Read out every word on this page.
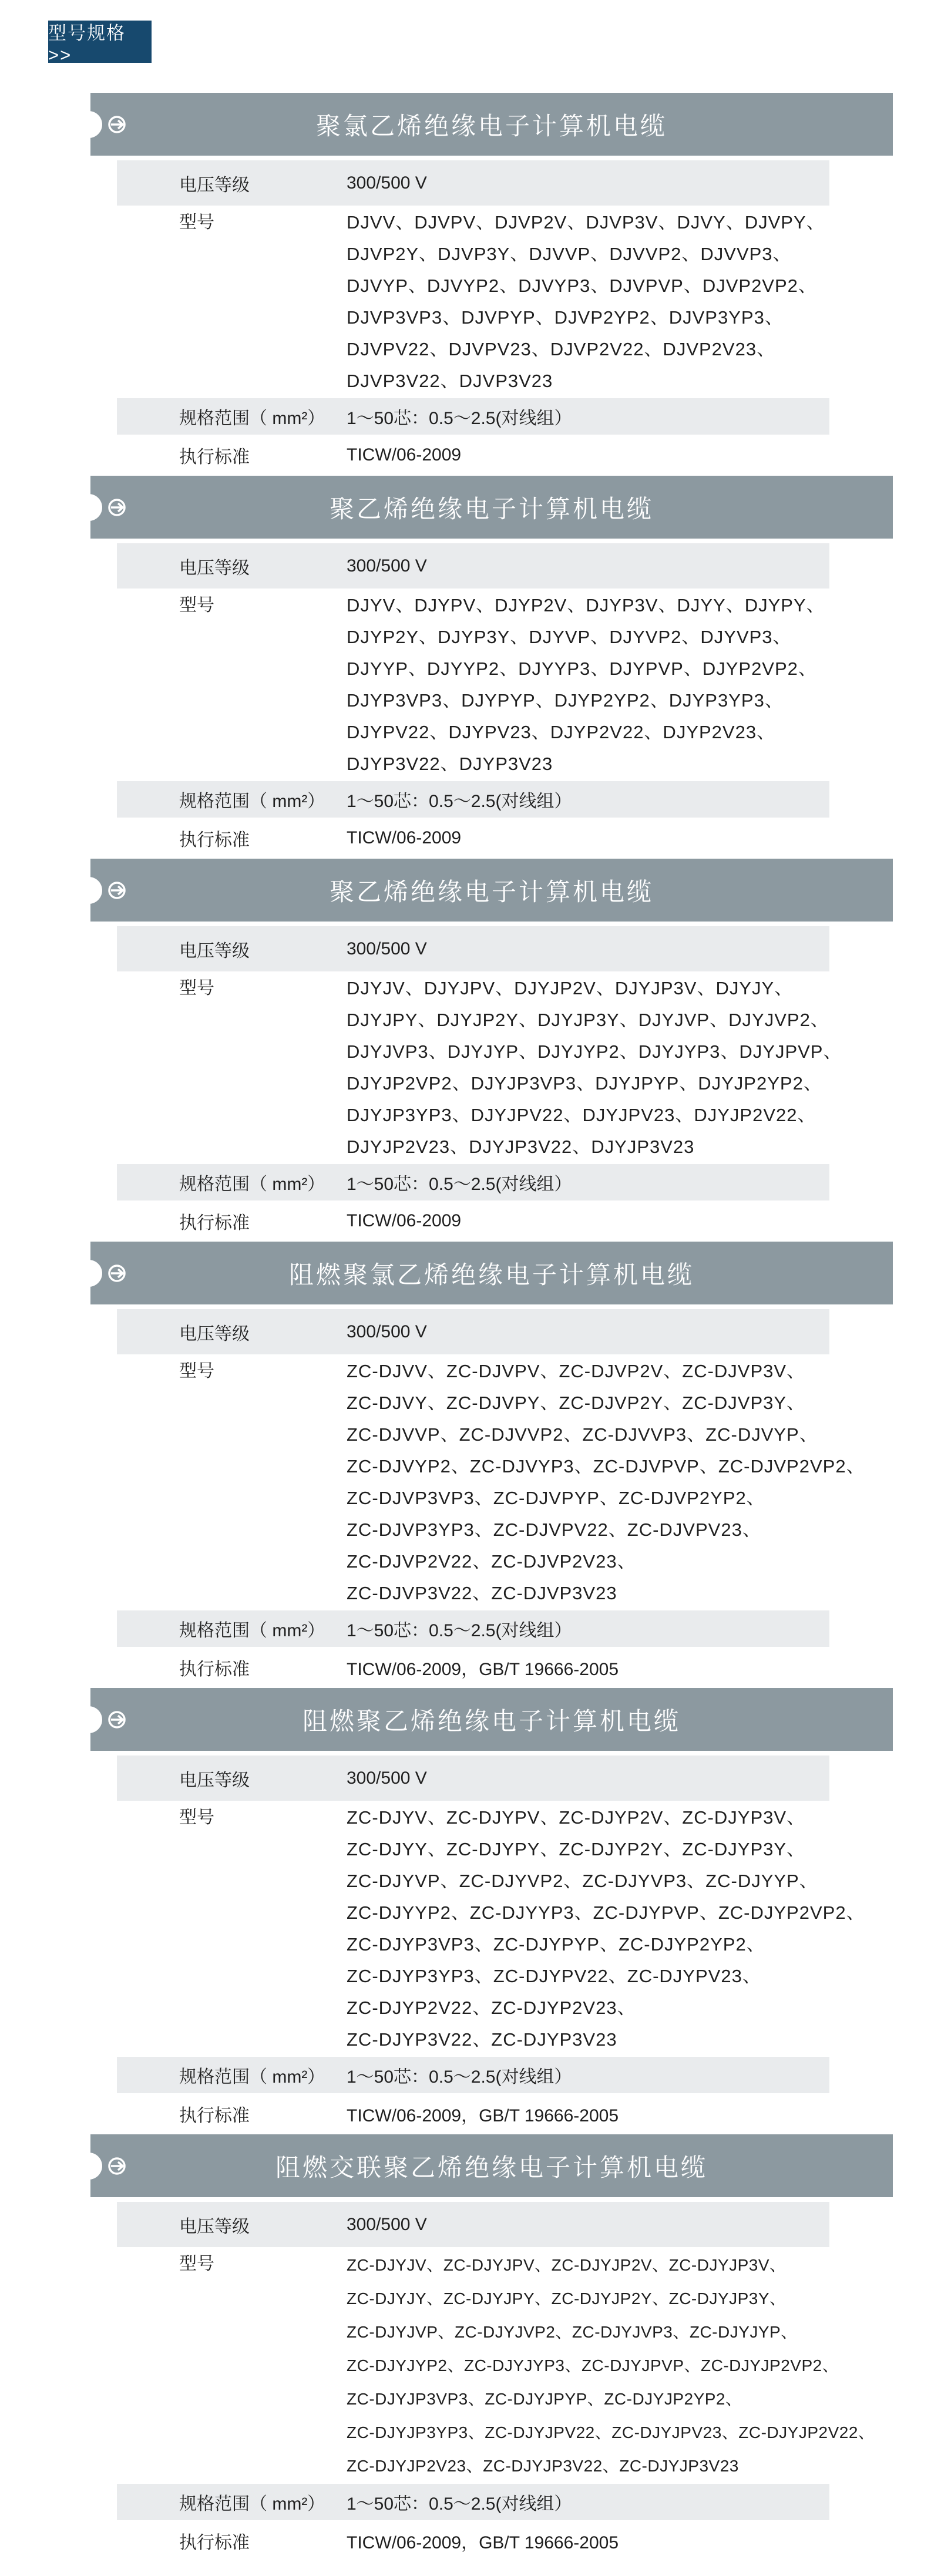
型号规格 >>
聚氯乙烯绝缘电子计算机电缆
电压等级	300/500 V
型号	DJVV、DJVPV、DJVP2V、DJVP3V、DJVY、DJVPY、
DJVP2Y、DJVP3Y、DJVVP、DJVVP2、DJVVP3、
DJVYP、DJVYP2、DJVYP3、DJVPVP、DJVP2VP2、
DJVP3VP3、DJVPYP、DJVP2YP2、DJVP3YP3、
DJVPV22、DJVPV23、DJVP2V22、DJVP2V23、
DJVP3V22、DJVP3V23
规格范围（ mm²）	1～50芯：0.5～2.5(对线组）
执行标准	TICW/06-2009
聚乙烯绝缘电子计算机电缆
电压等级	300/500 V
型号	DJYV、DJYPV、DJYP2V、DJYP3V、DJYY、DJYPY、
DJYP2Y、DJYP3Y、DJYVP、DJYVP2、DJYVP3、
DJYYP、DJYYP2、DJYYP3、DJYPVP、DJYP2VP2、
DJYP3VP3、DJYPYP、DJYP2YP2、DJYP3YP3、
DJYPV22、DJYPV23、DJYP2V22、DJYP2V23、
DJYP3V22、DJYP3V23
规格范围（ mm²）	1～50芯：0.5～2.5(对线组）
执行标准	TICW/06-2009
聚乙烯绝缘电子计算机电缆
电压等级	300/500 V
型号	DJYJV、DJYJPV、DJYJP2V、DJYJP3V、DJYJY、
DJYJPY、DJYJP2Y、DJYJP3Y、DJYJVP、DJYJVP2、
DJYJVP3、DJYJYP、DJYJYP2、DJYJYP3、DJYJPVP、
DJYJP2VP2、DJYJP3VP3、DJYJPYP、DJYJP2YP2、
DJYJP3YP3、DJYJPV22、DJYJPV23、DJYJP2V22、
DJYJP2V23、DJYJP3V22、DJYJP3V23
规格范围（ mm²）	1～50芯：0.5～2.5(对线组）
执行标准	TICW/06-2009
阻燃聚氯乙烯绝缘电子计算机电缆
电压等级	300/500 V
型号	ZC-DJVV、ZC-DJVPV、ZC-DJVP2V、ZC-DJVP3V、
ZC-DJVY、ZC-DJVPY、ZC-DJVP2Y、ZC-DJVP3Y、
ZC-DJVVP、ZC-DJVVP2、ZC-DJVVP3、ZC-DJVYP、
ZC-DJVYP2、ZC-DJVYP3、ZC-DJVPVP、ZC-DJVP2VP2、
ZC-DJVP3VP3、ZC-DJVPYP、ZC-DJVP2YP2、
ZC-DJVP3YP3、ZC-DJVPV22、ZC-DJVPV23、
ZC-DJVP2V22、ZC-DJVP2V23、
ZC-DJVP3V22、ZC-DJVP3V23
规格范围（ mm²）	1～50芯：0.5～2.5(对线组）
执行标准	TICW/06-2009，GB/T 19666-2005
阻燃聚乙烯绝缘电子计算机电缆
电压等级	300/500 V
型号	ZC-DJYV、ZC-DJYPV、ZC-DJYP2V、ZC-DJYP3V、
ZC-DJYY、ZC-DJYPY、ZC-DJYP2Y、ZC-DJYP3Y、
ZC-DJYVP、ZC-DJYVP2、ZC-DJYVP3、ZC-DJYYP、
ZC-DJYYP2、ZC-DJYYP3、ZC-DJYPVP、ZC-DJYP2VP2、
ZC-DJYP3VP3、ZC-DJYPYP、ZC-DJYP2YP2、
ZC-DJYP3YP3、ZC-DJYPV22、ZC-DJYPV23、
ZC-DJYP2V22、ZC-DJYP2V23、
ZC-DJYP3V22、ZC-DJYP3V23
规格范围（ mm²）	1～50芯：0.5～2.5(对线组）
执行标准	TICW/06-2009，GB/T 19666-2005
阻燃交联聚乙烯绝缘电子计算机电缆
电压等级	300/500 V
型号	ZC-DJYJV、ZC-DJYJPV、ZC-DJYJP2V、ZC-DJYJP3V、
ZC-DJYJY、ZC-DJYJPY、ZC-DJYJP2Y、ZC-DJYJP3Y、
ZC-DJYJVP、ZC-DJYJVP2、ZC-DJYJVP3、ZC-DJYJYP、
ZC-DJYJYP2、ZC-DJYJYP3、ZC-DJYJPVP、ZC-DJYJP2VP2、
ZC-DJYJP3VP3、ZC-DJYJPYP、ZC-DJYJP2YP2、
ZC-DJYJP3YP3、ZC-DJYJPV22、ZC-DJYJPV23、ZC-DJYJP2V22、
ZC-DJYJP2V23、ZC-DJYJP3V22、ZC-DJYJP3V23
规格范围（ mm²）	1～50芯：0.5～2.5(对线组）
执行标准	TICW/06-2009，GB/T 19666-2005
